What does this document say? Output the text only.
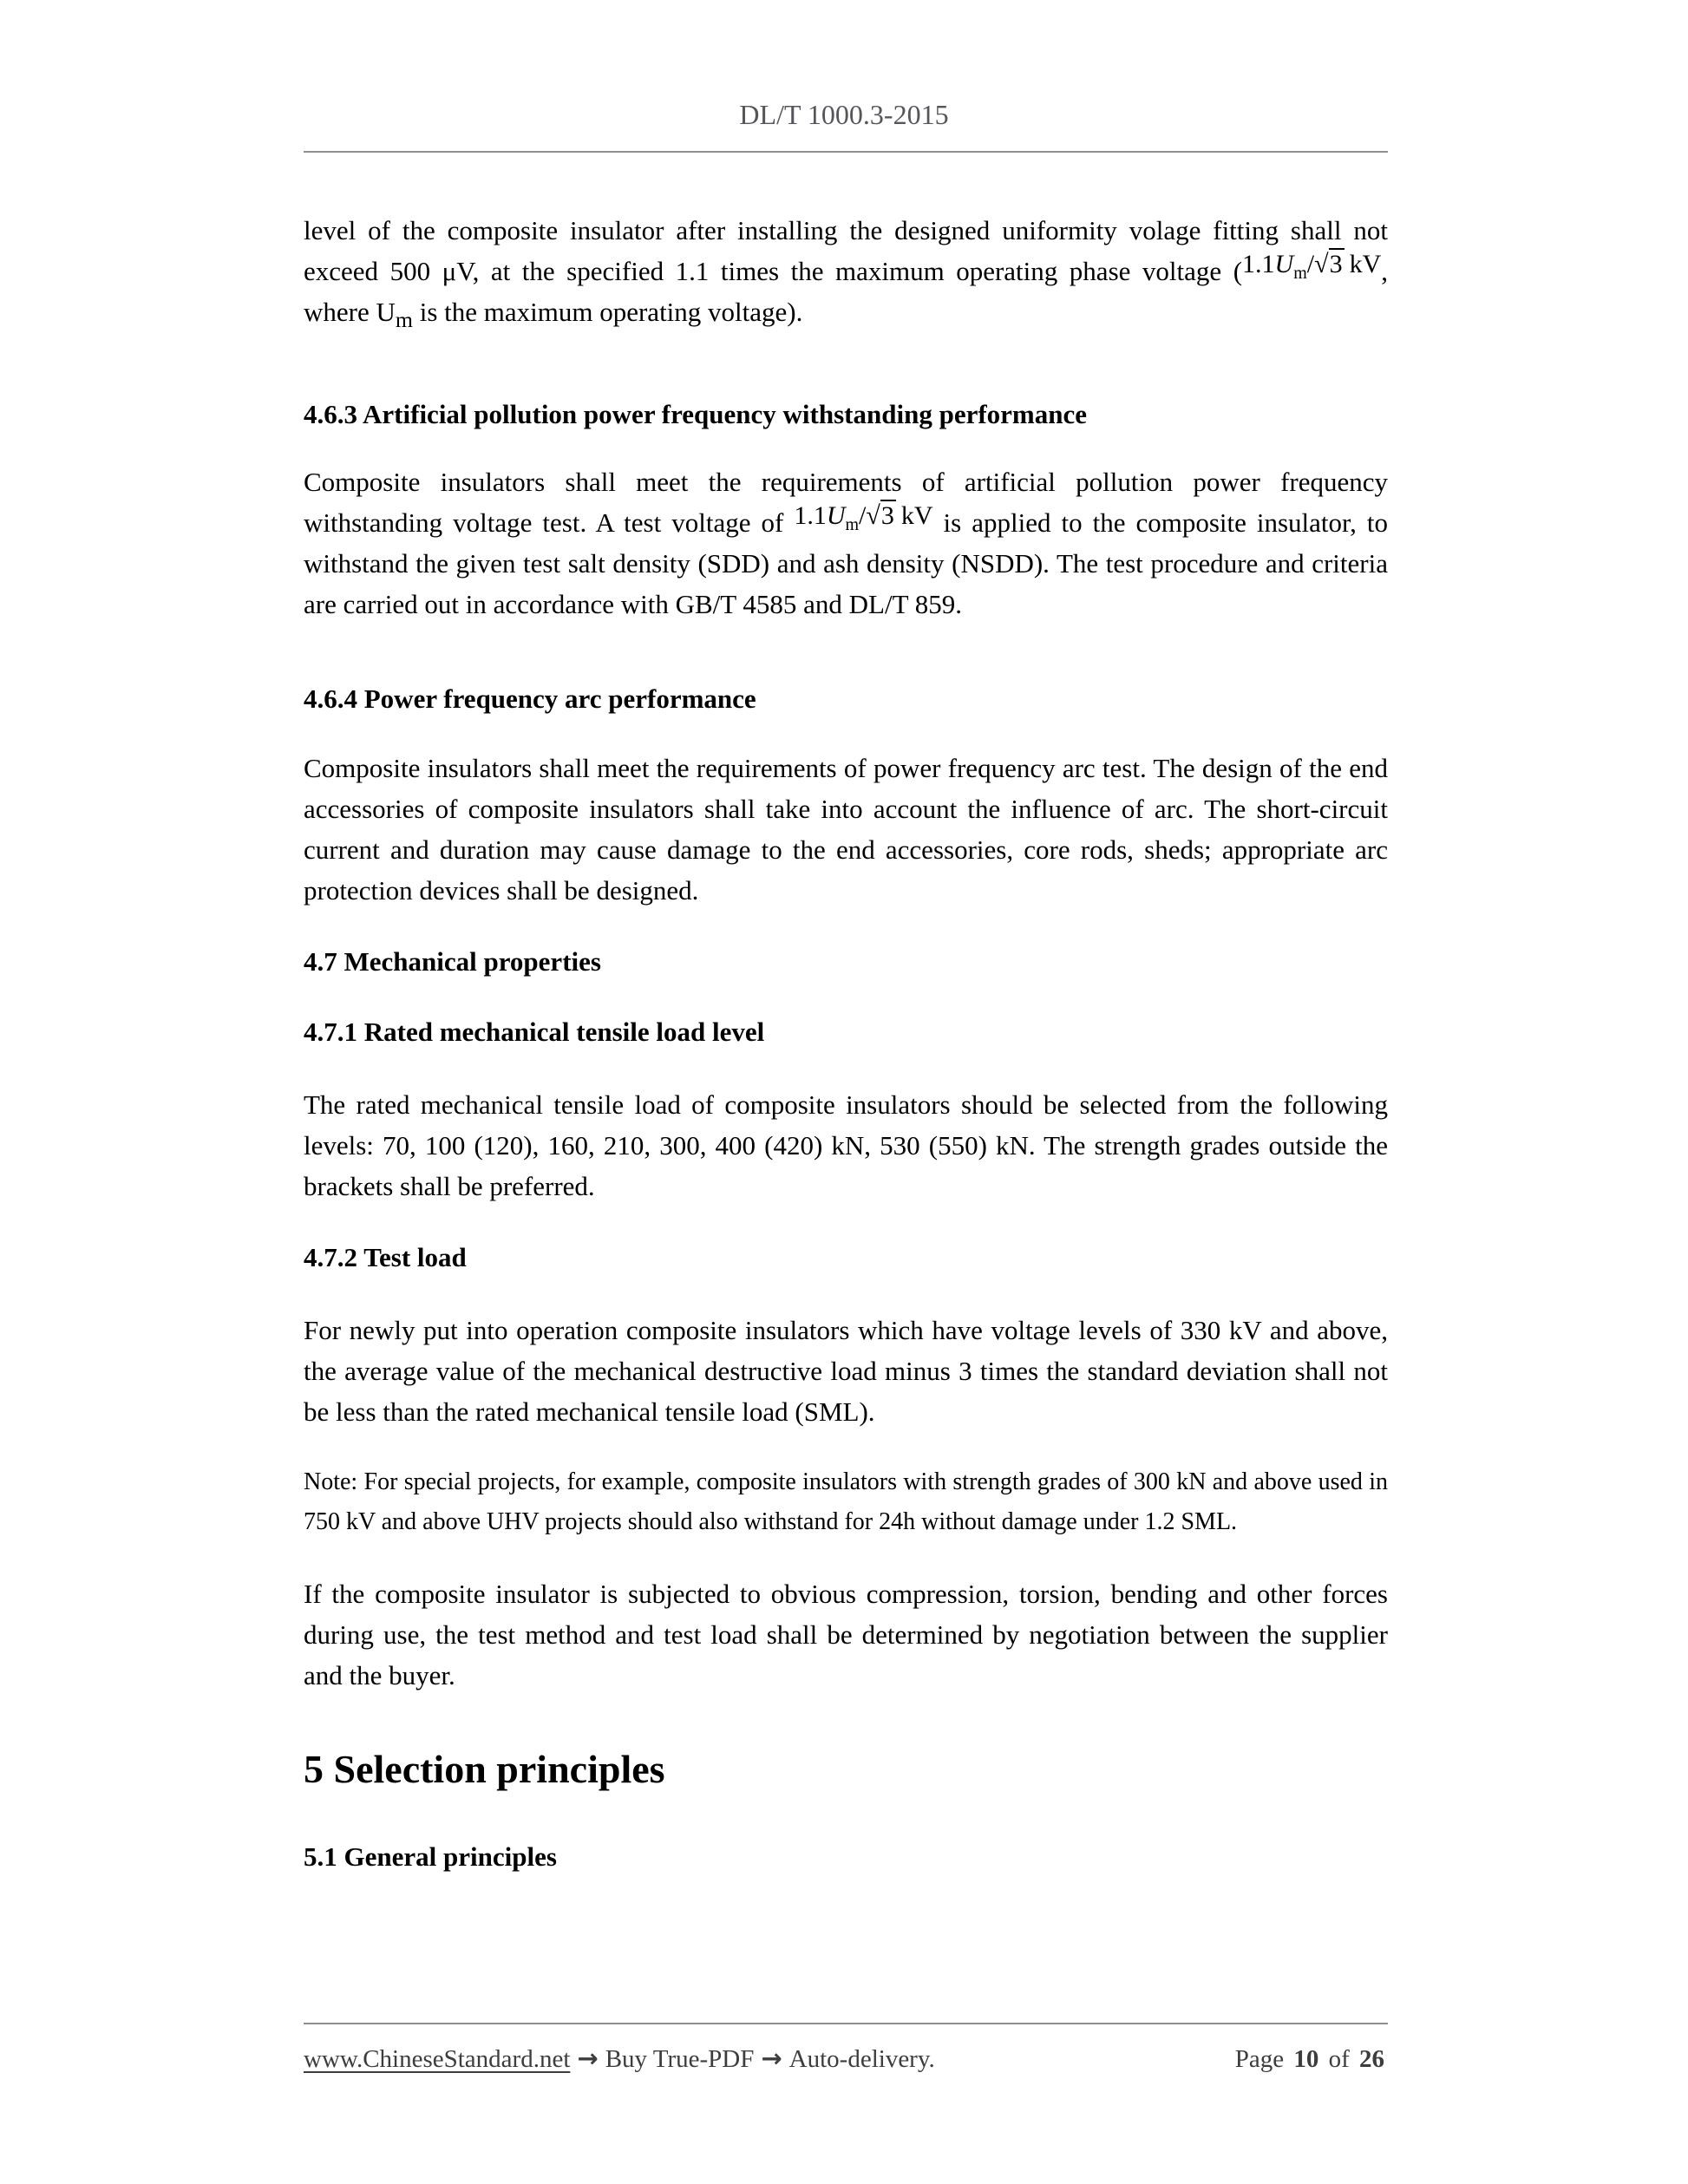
DL/T 1000.3-2015

level of the composite insulator after installing the designed uniformity volage fitting shall not exceed 500 μV, at the specified 1.1 times the maximum operating phase voltage ($1.1U_m/√3$ kV, where $U_m$ is the maximum operating voltage).

4.6.3 Artificial pollution power frequency withstanding performance

Composite insulators shall meet the requirements of artificial pollution power frequency withstanding voltage test. A test voltage of $1.1U_m/√3$ kV is applied to the composite insulator, to withstand the given test salt density (SDD) and ash density (NSDD). The test procedure and criteria are carried out in accordance with GB/T 4585 and DL/T 859.

4.6.4 Power frequency arc performance

Composite insulators shall meet the requirements of power frequency arc test. The design of the end accessories of composite insulators shall take into account the influence of arc. The short-circuit current and duration may cause damage to the end accessories, core rods, sheds; appropriate arc protection devices shall be designed.

4.7 Mechanical properties
4.7.1 Rated mechanical tensile load level

The rated mechanical tensile load of composite insulators should be selected from the following levels: 70, 100 (120), 160, 210, 300, 400 (420) kN, 530 (550) kN. The strength grades outside the brackets shall be preferred.

4.7.2 Test load

For newly put into operation composite insulators which have voltage levels of 330 kV and above, the average value of the mechanical destructive load minus 3 times the standard deviation shall not be less than the rated mechanical tensile load (SML).

Note: For special projects, for example, composite insulators with strength grades of 300 kN and above used in 750 kV and above UHV projects should also withstand for 24h without damage under 1.2 SML.

If the composite insulator is subjected to obvious compression, torsion, bending and other forces during use, the test method and test load shall be determined by negotiation between the supplier and the buyer.

5 Selection principles
5.1 General principles
www.ChineseStandard.net → Buy True-PDF → Auto-delivery.	Page 10 of 26
